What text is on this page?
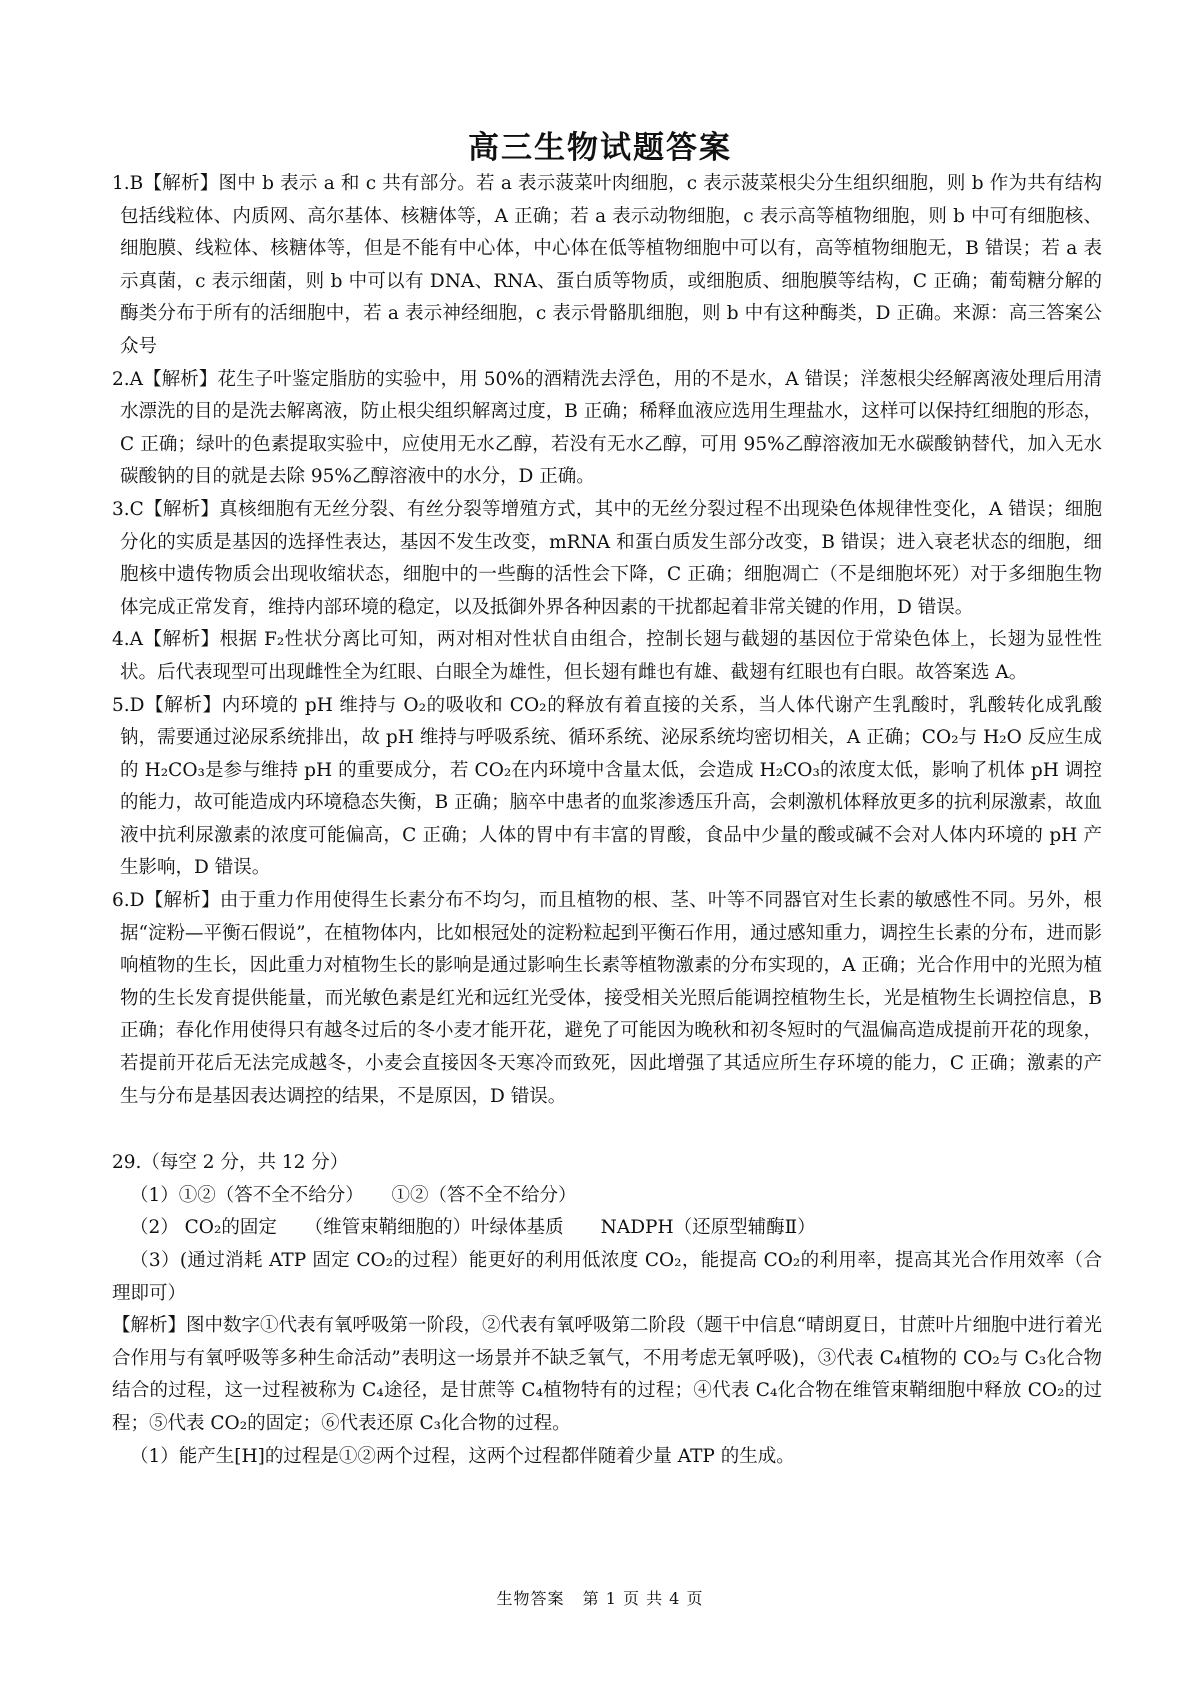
高三生物试题答案
1.B【解析】图中 b 表示 a 和 c 共有部分。若 a 表示菠菜叶肉细胞，c 表示菠菜根尖分生组织细胞，则 b 作为共有结构包括线粒体、内质网、高尔基体、核糖体等，A 正确；若 a 表示动物细胞，c 表示高等植物细胞，则 b 中可有细胞核、细胞膜、线粒体、核糖体等，但是不能有中心体，中心体在低等植物细胞中可以有，高等植物细胞无，B 错误；若 a 表示真菌，c 表示细菌，则 b 中可以有 DNA、RNA、蛋白质等物质，或细胞质、细胞膜等结构，C 正确；葡萄糖分解的酶类分布于所有的活细胞中，若 a 表示神经细胞，c 表示骨骼肌细胞，则 b 中有这种酶类，D 正确。来源：高三答案公众号
2.A【解析】花生子叶鉴定脂肪的实验中，用 50%的酒精洗去浮色，用的不是水，A 错误；洋葱根尖经解离液处理后用清水漂洗的目的是洗去解离液，防止根尖组织解离过度，B 正确；稀释血液应选用生理盐水，这样可以保持红细胞的形态，C 正确；绿叶的色素提取实验中，应使用无水乙醇，若没有无水乙醇，可用 95%乙醇溶液加无水碳酸钠替代，加入无水碳酸钠的目的就是去除 95%乙醇溶液中的水分，D 正确。
3.C【解析】真核细胞有无丝分裂、有丝分裂等增殖方式，其中的无丝分裂过程不出现染色体规律性变化，A 错误；细胞分化的实质是基因的选择性表达，基因不发生改变，mRNA 和蛋白质发生部分改变，B 错误；进入衰老状态的细胞，细胞核中遗传物质会出现收缩状态，细胞中的一些酶的活性会下降，C 正确；细胞凋亡（不是细胞坏死）对于多细胞生物体完成正常发育，维持内部环境的稳定，以及抵御外界各种因素的干扰都起着非常关键的作用，D 错误。
4.A【解析】根据 F₂性状分离比可知，两对相对性状自由组合，控制长翅与截翅的基因位于常染色体上，长翅为显性性状。后代表现型可出现雌性全为红眼、白眼全为雄性，但长翅有雌也有雄、截翅有红眼也有白眼。故答案选 A。
5.D【解析】内环境的 pH 维持与 O₂的吸收和 CO₂的释放有着直接的关系，当人体代谢产生乳酸时，乳酸转化成乳酸钠，需要通过泌尿系统排出，故 pH 维持与呼吸系统、循环系统、泌尿系统均密切相关，A 正确；CO₂与 H₂O 反应生成的 H₂CO₃是参与维持 pH 的重要成分，若 CO₂在内环境中含量太低，会造成 H₂CO₃的浓度太低，影响了机体 pH 调控的能力，故可能造成内环境稳态失衡，B 正确；脑卒中患者的血浆渗透压升高，会刺激机体释放更多的抗利尿激素，故血液中抗利尿激素的浓度可能偏高，C 正确；人体的胃中有丰富的胃酸，食品中少量的酸或碱不会对人体内环境的 pH 产生影响，D 错误。
6.D【解析】由于重力作用使得生长素分布不均匀，而且植物的根、茎、叶等不同器官对生长素的敏感性不同。另外，根据“淀粉—平衡石假说”，在植物体内，比如根冠处的淀粉粒起到平衡石作用，通过感知重力，调控生长素的分布，进而影响植物的生长，因此重力对植物生长的影响是通过影响生长素等植物激素的分布实现的，A 正确；光合作用中的光照为植物的生长发育提供能量，而光敏色素是红光和远红光受体，接受相关光照后能调控植物生长，光是植物生长调控信息，B 正确；春化作用使得只有越冬过后的冬小麦才能开花，避免了可能因为晚秋和初冬短时的气温偏高造成提前开花的现象，若提前开花后无法完成越冬，小麦会直接因冬天寒冷而致死，因此增强了其适应所生存环境的能力，C 正确；激素的产生与分布是基因表达调控的结果，不是原因，D 错误。
29.（每空 2 分，共 12 分）
（1）①②（答不全不给分）　　①②（答不全不给分）
（2） CO₂的固定　　（维管束鞘细胞的）叶绿体基质　　NADPH（还原型辅酶Ⅱ）
（3）(通过消耗 ATP 固定 CO₂的过程）能更好的利用低浓度 CO₂，能提高 CO₂的利用率，提高其光合作用效率（合理即可）
【解析】图中数字①代表有氧呼吸第一阶段，②代表有氧呼吸第二阶段（题干中信息“晴朗夏日，甘蔗叶片细胞中进行着光合作用与有氧呼吸等多种生命活动”表明这一场景并不缺乏氧气，不用考虑无氧呼吸)，③代表 C₄植物的 CO₂与 C₃化合物结合的过程，这一过程被称为 C₄途径，是甘蔗等 C₄植物特有的过程；④代表 C₄化合物在维管束鞘细胞中释放 CO₂的过程；⑤代表 CO₂的固定；⑥代表还原 C₃化合物的过程。
（1）能产生[H]的过程是①②两个过程，这两个过程都伴随着少量 ATP 的生成。
生物答案 第 1 页 共 4 页
